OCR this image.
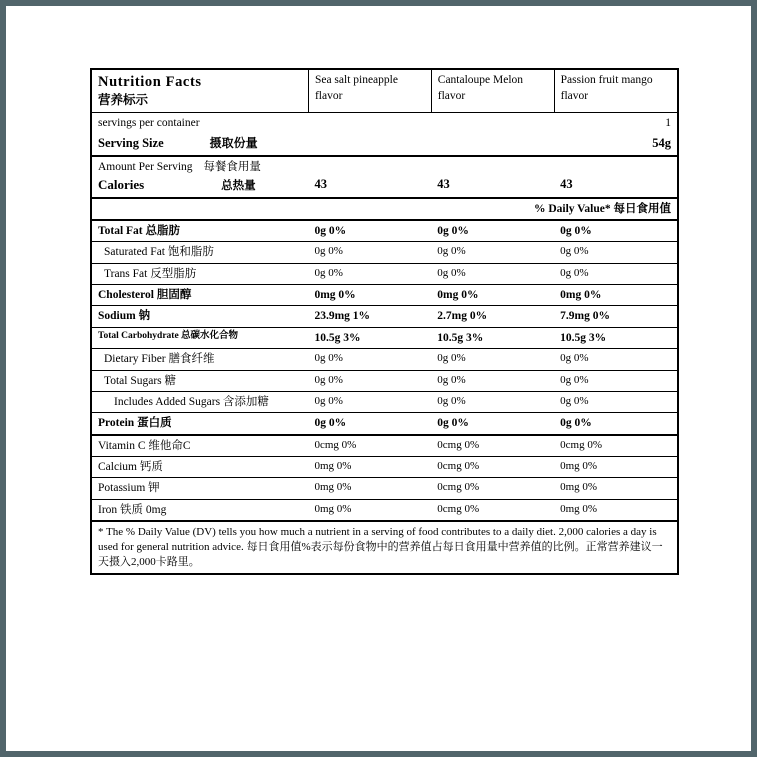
Nutrition Facts
营养标示	Sea salt pineapple flavor	Cantaloupe Melon flavor	Passion fruit mango flavor

servings per container			1

Serving Size 摄取份量			54g
Amount Per Serving 每餐食用量			
Calories 总热量	43	43	43
		% Daily Value* 每日食用值	
Total Fat 总脂肪	0g 0%	0g 0%	0g 0%
Saturated Fat 饱和脂肪	0g 0%	0g 0%	0g 0%
Trans Fat 反型脂肪	0g 0%	0g 0%	0g 0%
Cholesterol 胆固醇	0mg 0%	0mg 0%	0mg 0%
Sodium 钠	23.9mg 1%	2.7mg 0%	7.9mg 0%
Total Carbohydrate 总碳水化合物	10.5g 3%	10.5g 3%	10.5g 3%
Dietary Fiber 膳食纤维	0g 0%	0g 0%	0g 0%
Total Sugars 糖	0g 0%	0g 0%	0g 0%
Includes Added Sugars 含添加糖	0g 0%	0g 0%	0g 0%
Protein 蛋白质	0g 0%	0g 0%	0g 0%
Vitamin C 维他命C	0cmg 0%	0cmg 0%	0cmg 0%
Calcium 钙质	0mg 0%	0cmg 0%	0mg 0%
Potassium 钾	0mg 0%	0cmg 0%	0mg 0%
Iron 铁质 0mg	0mg 0%	0cmg 0%	0mg 0%
* The % Daily Value (DV) tells you how much a nutrient in a serving of food contributes to a daily diet. 2,000 calories a day is used for general nutrition advice. 每日食用值%表示每份食物中的营养值占每日食用量中营养值的比例。正常营养建议一天摄入2,000卡路里。			
